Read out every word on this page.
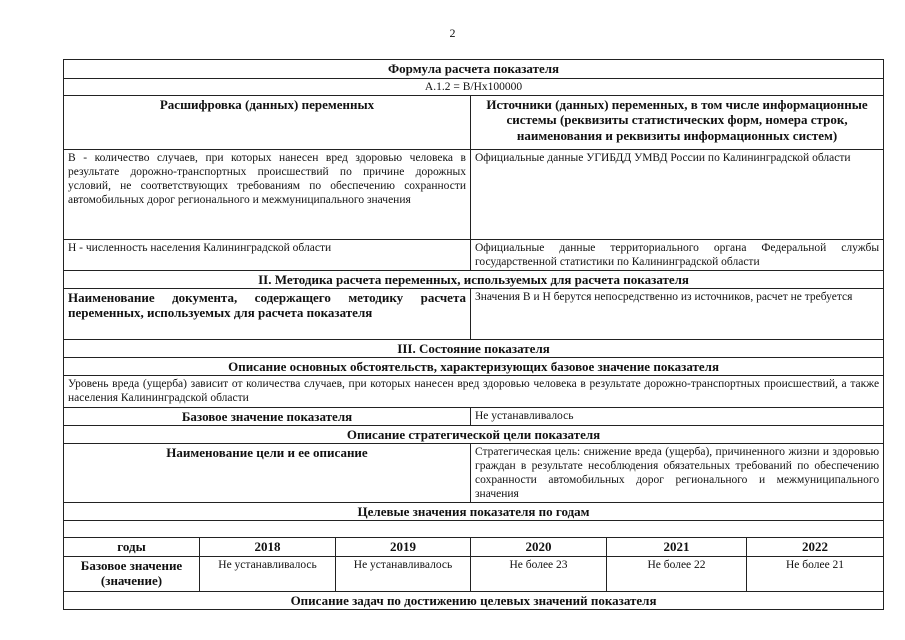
2
Формула расчета показателя					
А.1.2 = В/Нх100000					
Расшифровка (данных) переменных			Источники (данных) переменных, в том числе информационные системы (реквизиты статистических форм, номера строк, наименования и реквизиты информационных систем)		
В - количество случаев, при которых нанесен вред здоровью человека в результате дорожно-транспортных происшествий по причине дорожных условий, не соответствующих требованиям по обеспечению сохранности автомобильных дорог регионального и межмуниципального значения			Официальные данные УГИБДД УМВД России по Калининградской области		
Н - численность населения Калининградской области			Официальные данные территориального органа Федеральной службы государственной статистики по Калининградской области		
II. Методика расчета переменных, используемых для расчета показателя					
Наименование документа, содержащего методику расчета переменных, используемых для расчета показателя			Значения В и Н берутся непосредственно из источников, расчет не требуется		
III. Состояние показателя					
Описание основных обстоятельств, характеризующих базовое значение показателя					
Уровень вреда (ущерба) зависит от количества случаев, при которых нанесен вред здоровью человека в результате дорожно-транспортных происшествий, а также населения Калининградской области					
Базовое значение показателя			Не устанавливалось		
Описание стратегической цели показателя					
Наименование цели и ее описание			Стратегическая цель: снижение вреда (ущерба), причиненного жизни и здоровью граждан в результате несоблюдения обязательных требований по обеспечению сохранности автомобильных дорог регионального и межмуниципального значения		
Целевые значения показателя по годам					

годы	2018	2019	2020	2021	2022
Базовое значение (значение)	Не устанавливалось	Не устанавливалось	Не более 23	Не более 22	Не более 21
Описание задач по достижению целевых значений показателя					
